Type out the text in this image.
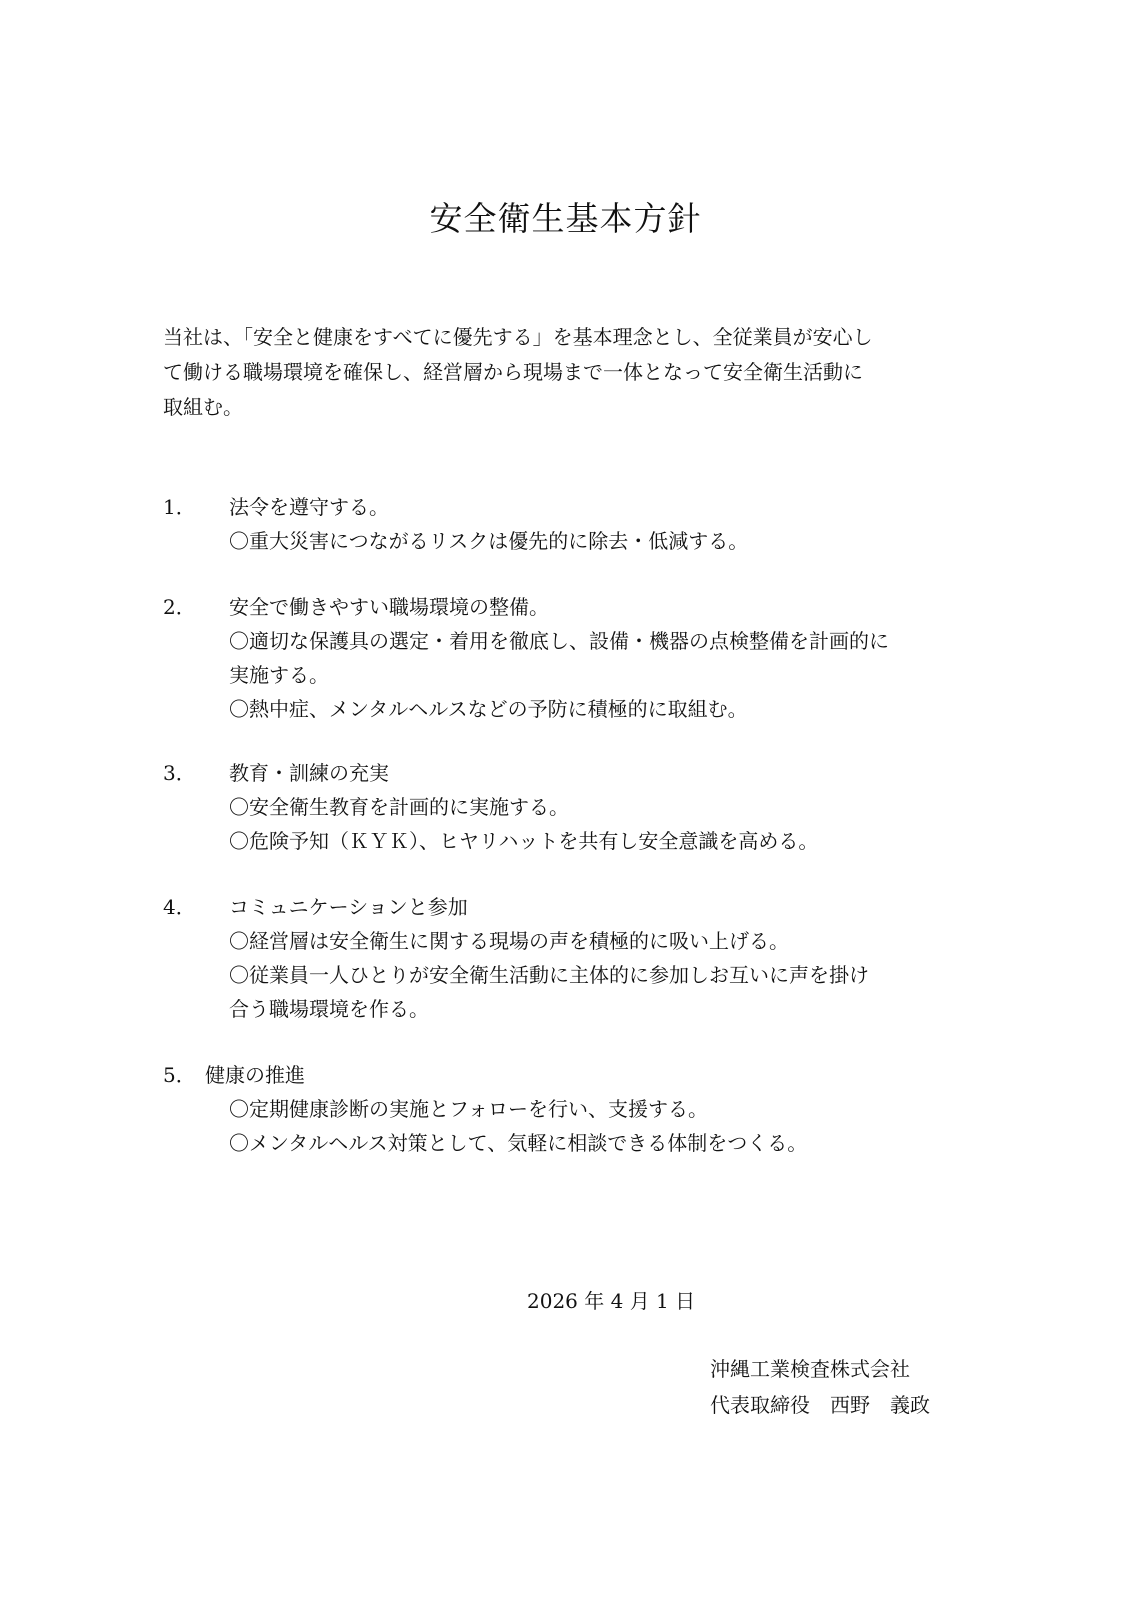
安全衛生基本方針
当社は、「安全と健康をすべてに優先する」を基本理念とし、全従業員が安心し
て働ける職場環境を確保し、経営層から現場まで一体となって安全衛生活動に
取組む。
1．	法令を遵守する。
〇重大災害につながるリスクは優先的に除去・低減する。
2．	安全で働きやすい職場環境の整備。
〇適切な保護具の選定・着用を徹底し、設備・機器の点検整備を計画的に
実施する。
〇熱中症、メンタルヘルスなどの予防に積極的に取組む。
3．	教育・訓練の充実
〇安全衛生教育を計画的に実施する。
〇危険予知（ＫＹＫ）、ヒヤリハットを共有し安全意識を高める。
4．	コミュニケーションと参加
〇経営層は安全衛生に関する現場の声を積極的に吸い上げる。
〇従業員一人ひとりが安全衛生活動に主体的に参加しお互いに声を掛け
合う職場環境を作る。
5． 健康の推進
〇定期健康診断の実施とフォローを行い、支援する。
〇メンタルヘルス対策として、気軽に相談できる体制をつくる。
2026 年 4 月 1 日
沖縄工業検査株式会社
代表取締役　西野　義政
